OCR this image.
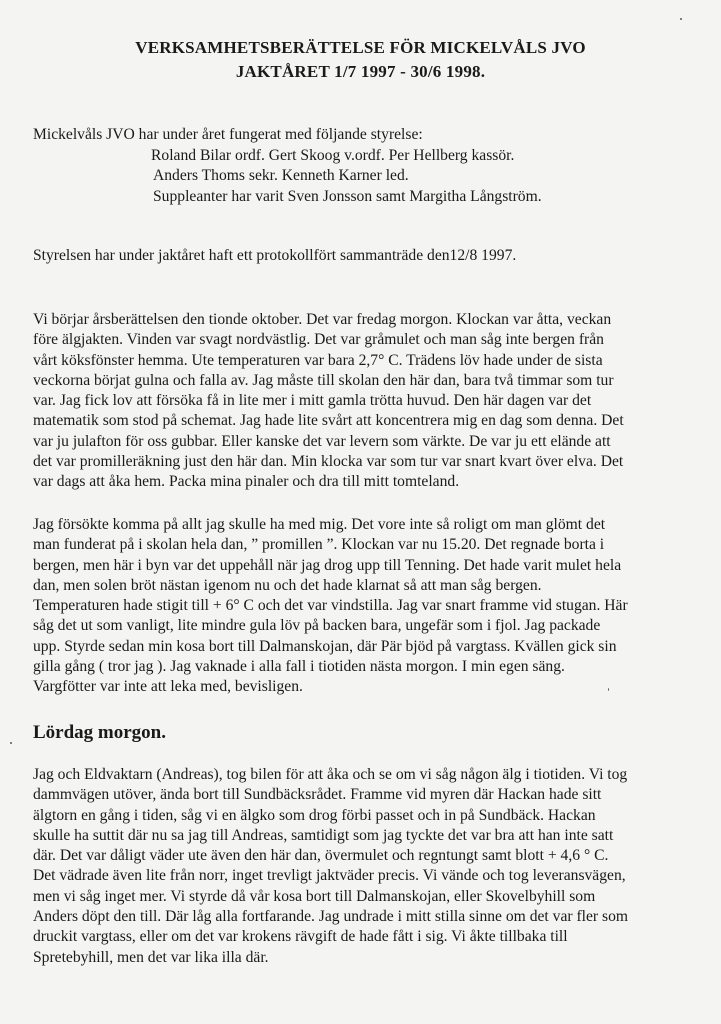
VERKSAMHETSBERÄTTELSE FÖR MICKELVÅLS JVO
JAKTÅRET 1/7 1997 - 30/6 1998.
Mickelvåls JVO har under året fungerat med följande styrelse:
Roland Bilar ordf. Gert Skoog v.ordf. Per Hellberg kassör.
Anders Thoms sekr. Kenneth Karner led.
Suppleanter har varit Sven Jonsson samt Margitha Långström.
Styrelsen har under jaktåret haft ett protokollfört sammanträde den12/8 1997.
Vi börjar årsberättelsen den tionde oktober. Det var fredag morgon. Klockan var åtta, veckan
före älgjakten. Vinden var svagt nordvästlig. Det var gråmulet och man såg inte bergen från
vårt köksfönster hemma. Ute temperaturen var bara 2,7° C. Trädens löv hade under de sista
veckorna börjat gulna och falla av. Jag måste till skolan den här dan, bara två timmar som tur
var. Jag fick lov att försöka få in lite mer i mitt gamla trötta huvud. Den här dagen var det
matematik som stod på schemat. Jag hade lite svårt att koncentrera mig en dag som denna. Det
var ju julafton för oss gubbar. Eller kanske det var levern som värkte. De var ju ett elände att
det var promilleräkning just den här dan. Min klocka var som tur var snart kvart över elva. Det
var dags att åka hem. Packa mina pinaler och dra till mitt tomteland.
Jag försökte komma på allt jag skulle ha med mig. Det vore inte så roligt om man glömt det
man funderat på i skolan hela dan, ” promillen ”. Klockan var nu 15.20. Det regnade borta i
bergen, men här i byn var det uppehåll när jag drog upp till Tenning. Det hade varit mulet hela
dan, men solen bröt nästan igenom nu och det hade klarnat så att man såg bergen.
Temperaturen hade stigit till + 6° C och det var vindstilla. Jag var snart framme vid stugan. Här
såg det ut som vanligt, lite mindre gula löv på backen bara, ungefär som i fjol. Jag packade
upp. Styrde sedan min kosa bort till Dalmanskojan, där Pär bjöd på vargtass. Kvällen gick sin
gilla gång ( tror jag ). Jag vaknade i alla fall i tiotiden nästa morgon. I min egen säng.
Vargfötter var inte att leka med, bevisligen.
Lördag morgon.
Jag och Eldvaktarn (Andreas), tog bilen för att åka och se om vi såg någon älg i tiotiden. Vi tog
dammvägen utöver, ända bort till Sundbäcksrådet. Framme vid myren där Hackan hade sitt
älgtorn en gång i tiden, såg vi en älgko som drog förbi passet och in på Sundbäck. Hackan
skulle ha suttit där nu sa jag till Andreas, samtidigt som jag tyckte det var bra att han inte satt
där. Det var dåligt väder ute även den här dan, övermulet och regntungt samt blott + 4,6 ° C.
Det vädrade även lite från norr, inget trevligt jaktväder precis. Vi vände och tog leveransvägen,
men vi såg inget mer. Vi styrde då vår kosa bort till Dalmanskojan, eller Skovelbyhill som
Anders döpt den till. Där låg alla fortfarande. Jag undrade i mitt stilla sinne om det var fler som
druckit vargtass, eller om det var krokens rävgift de hade fått i sig. Vi åkte tillbaka till
Spretebyhill, men det var lika illa där.
